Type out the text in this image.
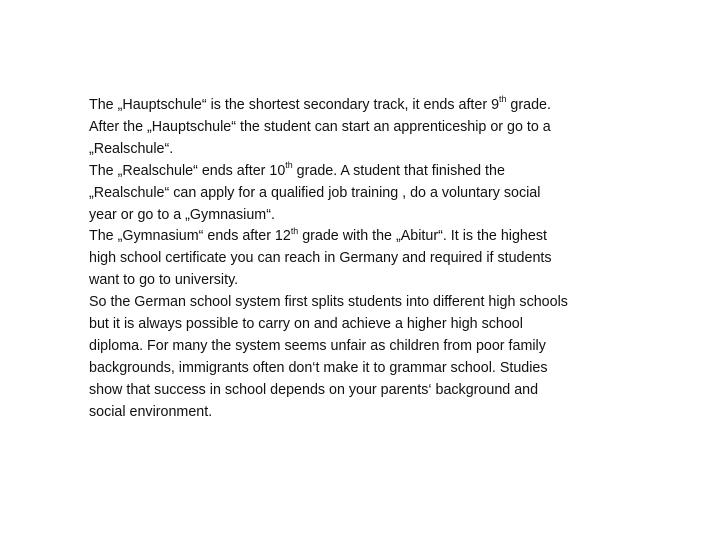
The „Hauptschule“ is the shortest secondary track, it ends after 9th grade.
After the „Hauptschule“ the student can start an apprenticeship or go to a
„Realschule“.
The „Realschule“ ends after 10th grade. A student that finished the
„Realschule“ can apply for a qualified job training , do a voluntary social
year or go to a „Gymnasium“.
The „Gymnasium“ ends after 12th grade with the „Abitur“. It is the highest
high school certificate you can reach in Germany and required if students
want to go to university.
So the German school system first splits students into different high schools
but it is always possible to carry on and achieve a higher high school
diploma. For many the system seems unfair as children from poor family
backgrounds, immigrants often don‘t make it to grammar school. Studies
show that success in school depends on your parents‘ background and
social environment.
